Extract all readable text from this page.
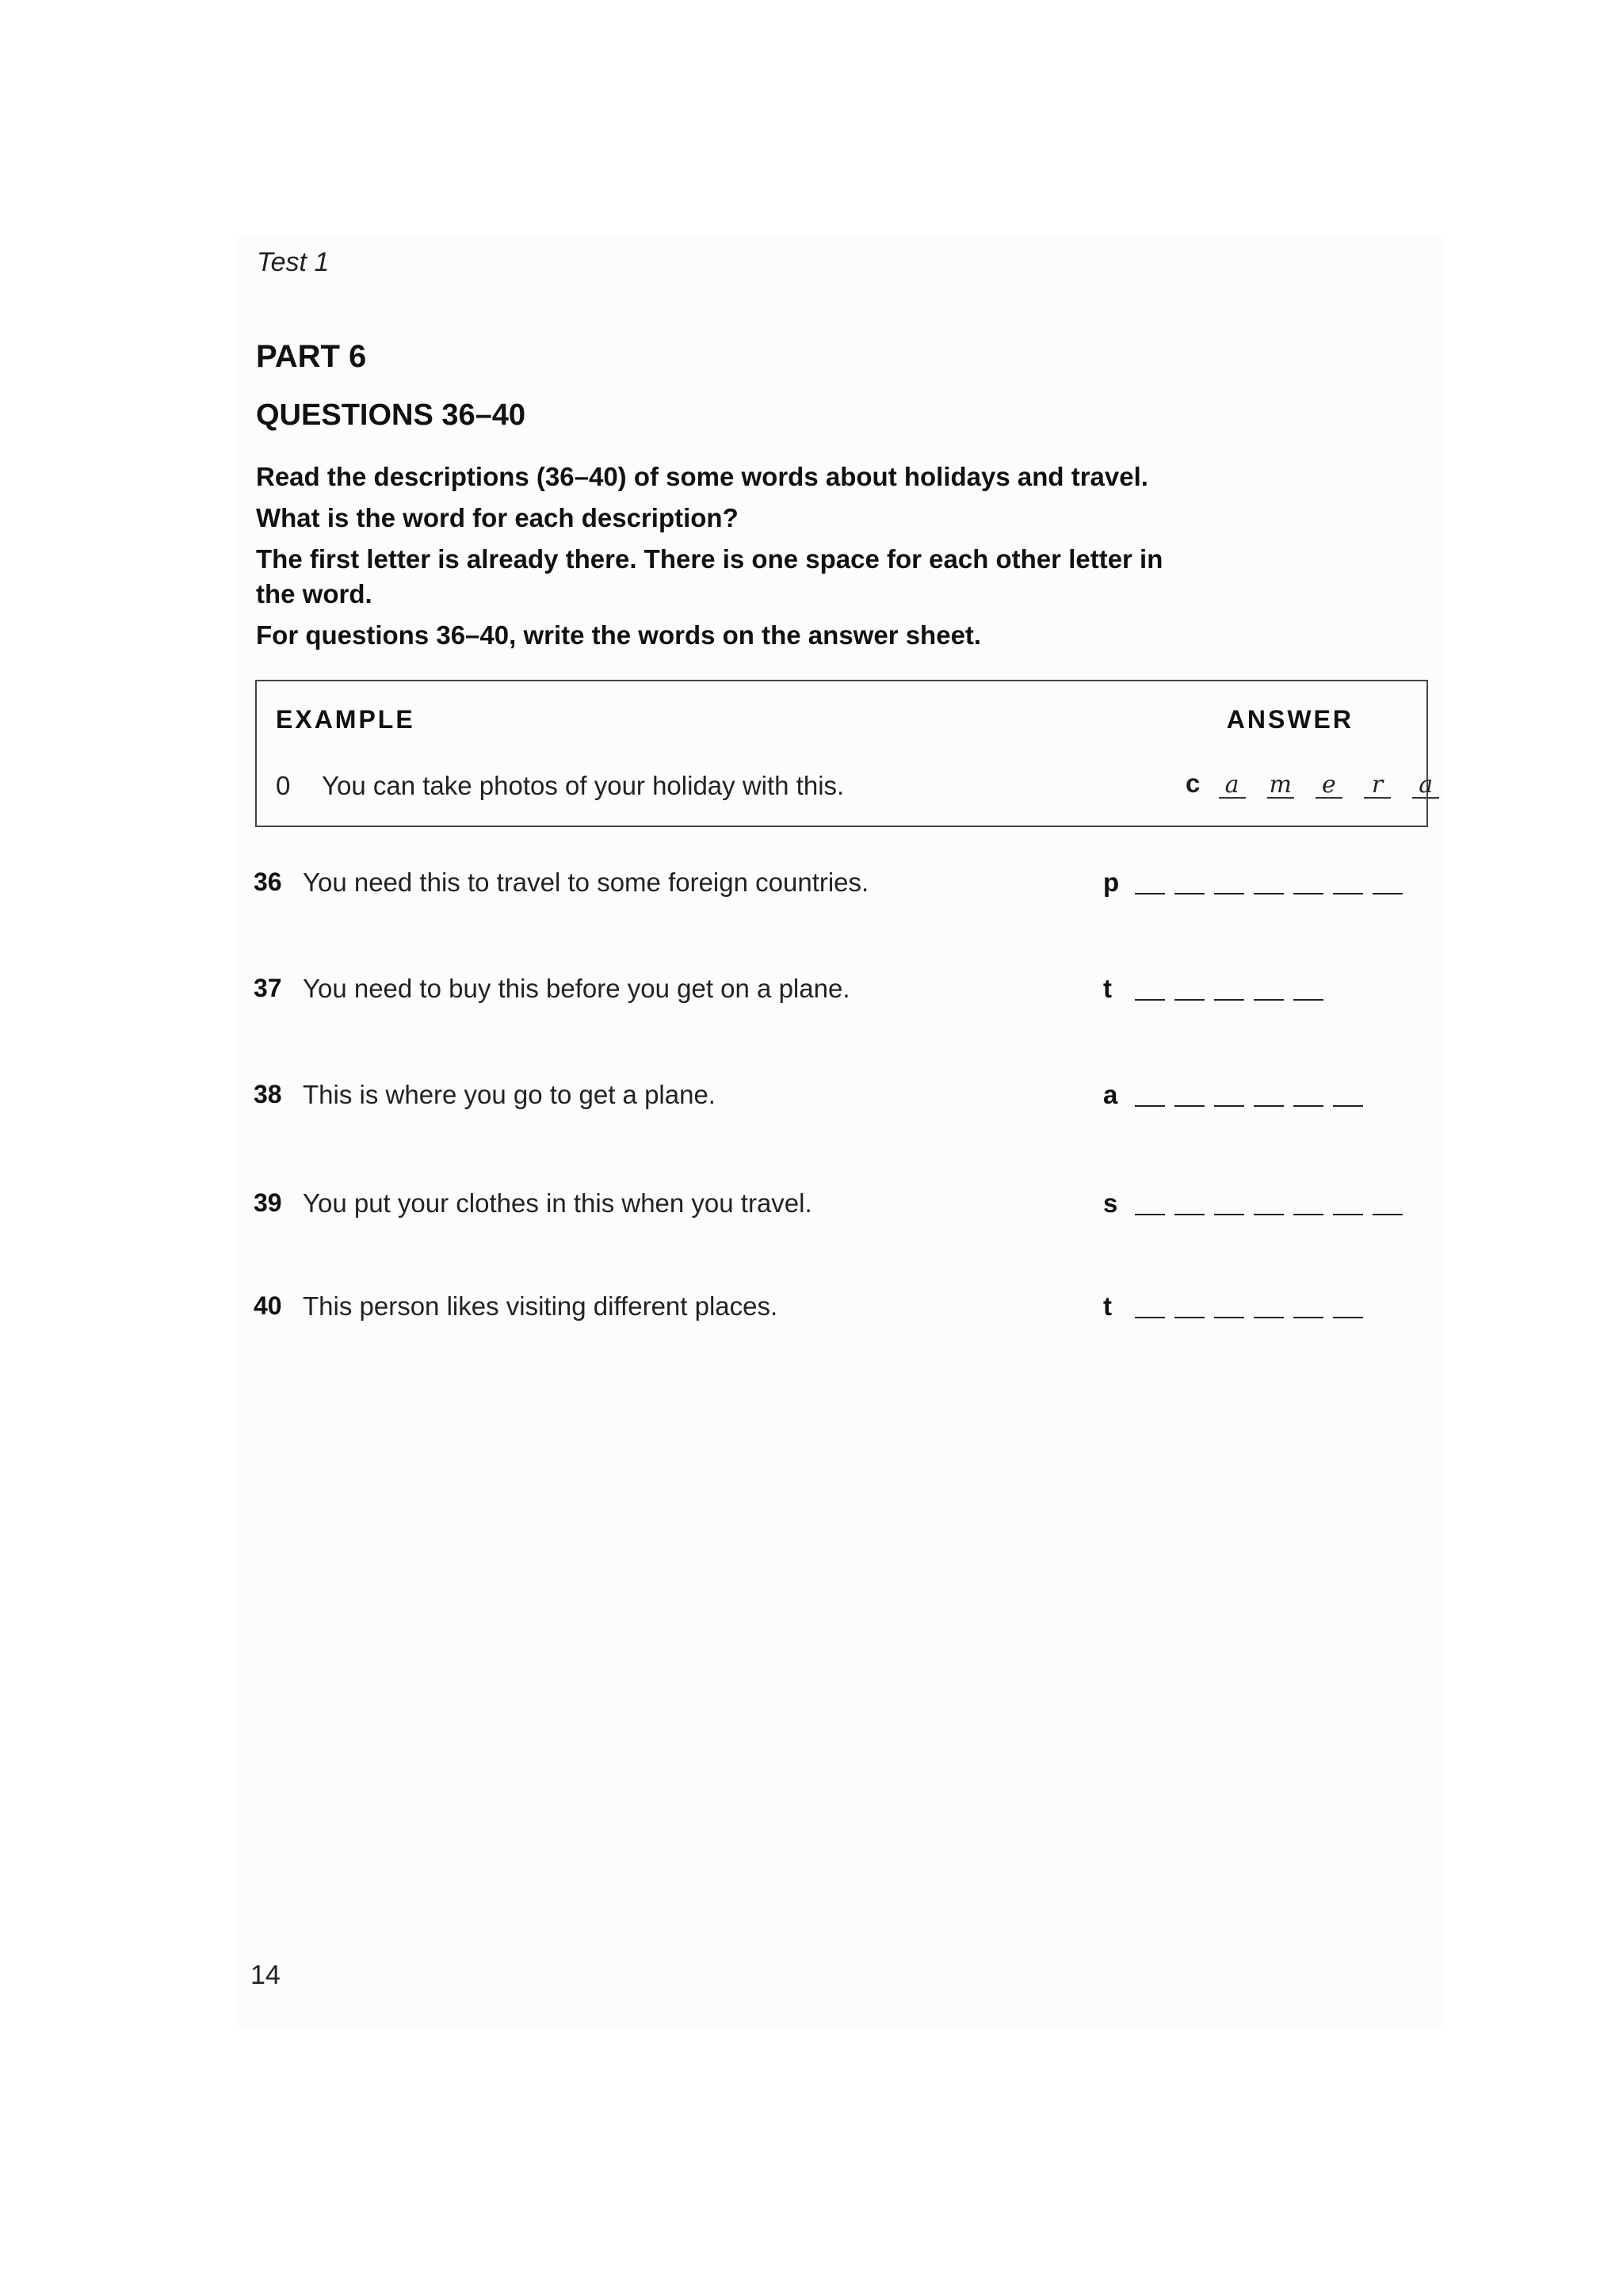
Test 1
PART 6
QUESTIONS 36–40
Read the descriptions (36–40) of some words about holidays and travel.
What is the word for each description?
The first letter is already there. There is one space for each other letter in
the word.
For questions 36–40, write the words on the answer sheet.
EXAMPLE	ANSWER
0 You can take photos of your holiday with this.	c a m e r a
36 You need this to travel to some foreign countries.	p
37 You need to buy this before you get on a plane.	t
38 This is where you go to get a plane.	a
39 You put your clothes in this when you travel.	s
40 This person likes visiting different places.	t
14
